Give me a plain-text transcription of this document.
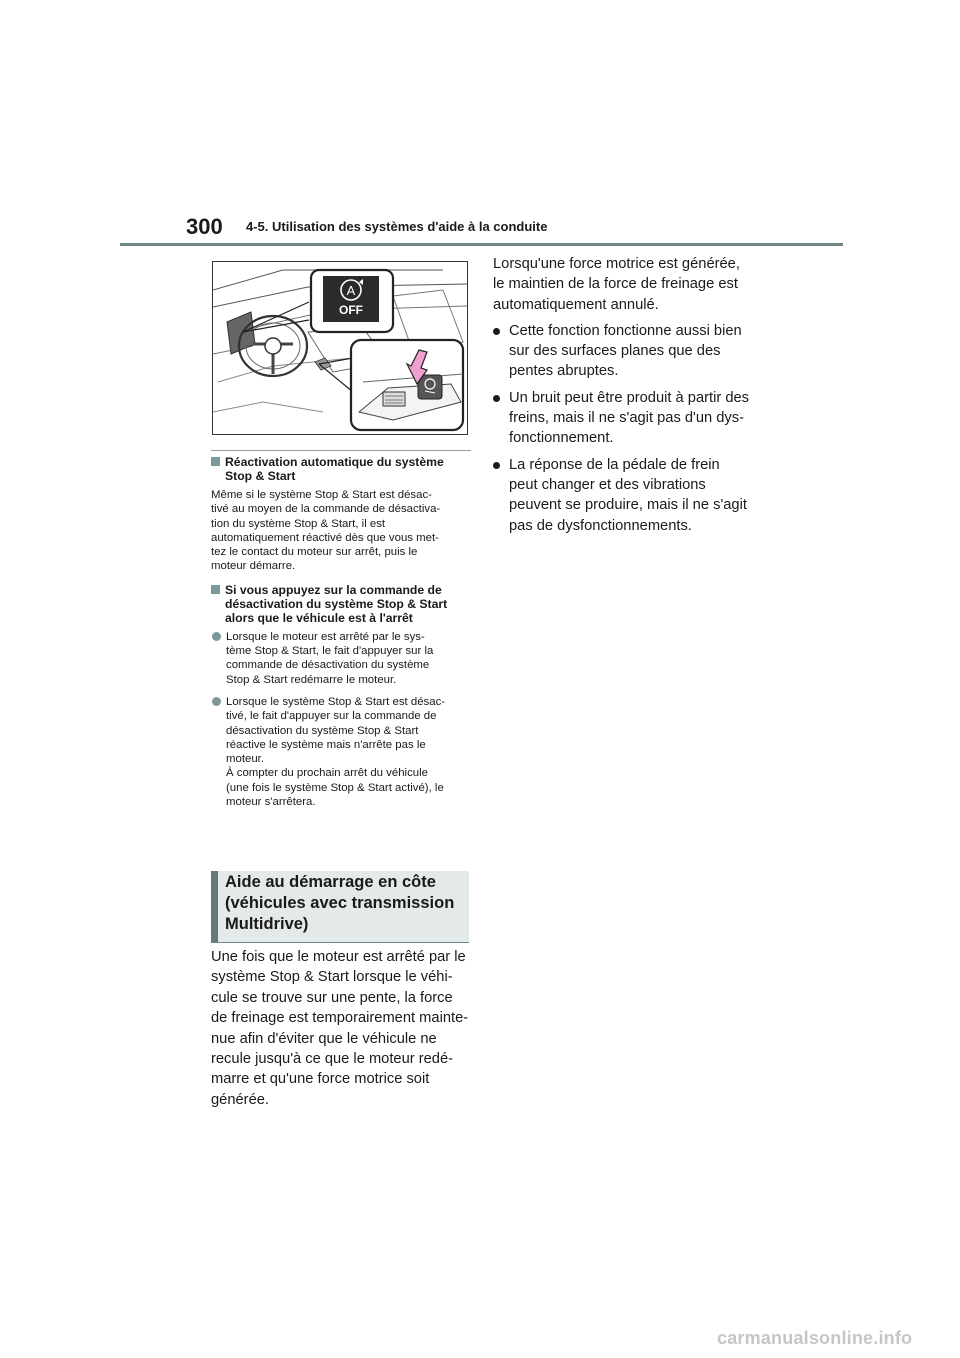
300 4-5. Utilisation des systèmes d'aide à la conduite
A
OFF
Réactivation automatique du système Stop & Start

Même si le système Stop & Start est désac-
tivé au moyen de la commande de désactiva-
tion du système Stop & Start, il est
automatiquement réactivé dès que vous met-
tez le contact du moteur sur arrêt, puis le
moteur démarre.

Si vous appuyez sur la commande de désactivation du système Stop & Start alors que le véhicule est à l'arrêt
Lorsque le moteur est arrêté par le sys-
tème Stop & Start, le fait d'appuyer sur la
commande de désactivation du système
Stop & Start redémarre le moteur.
Lorsque le système Stop & Start est désac-
tivé, le fait d'appuyer sur la commande de
désactivation du système Stop & Start
réactive le système mais n'arrête pas le
moteur.
À compter du prochain arrêt du véhicule
(une fois le système Stop & Start activé), le
moteur s'arrêtera.
Aide au démarrage en côte (véhicules avec transmission Multidrive)

Une fois que le moteur est arrêté par le
système Stop & Start lorsque le véhi-
cule se trouve sur une pente, la force
de freinage est temporairement mainte-
nue afin d'éviter que le véhicule ne
recule jusqu'à ce que le moteur redé-
marre et qu'une force motrice soit
générée.

Lorsqu'une force motrice est générée,
le maintien de la force de freinage est
automatiquement annulé.

Cette fonction fonctionne aussi bien
sur des surfaces planes que des
pentes abruptes.
Un bruit peut être produit à partir des
freins, mais il ne s'agit pas d'un dys-
fonctionnement.
La réponse de la pédale de frein
peut changer et des vibrations
peuvent se produire, mais il ne s'agit
pas de dysfonctionnements.
carmanualsonline.info
